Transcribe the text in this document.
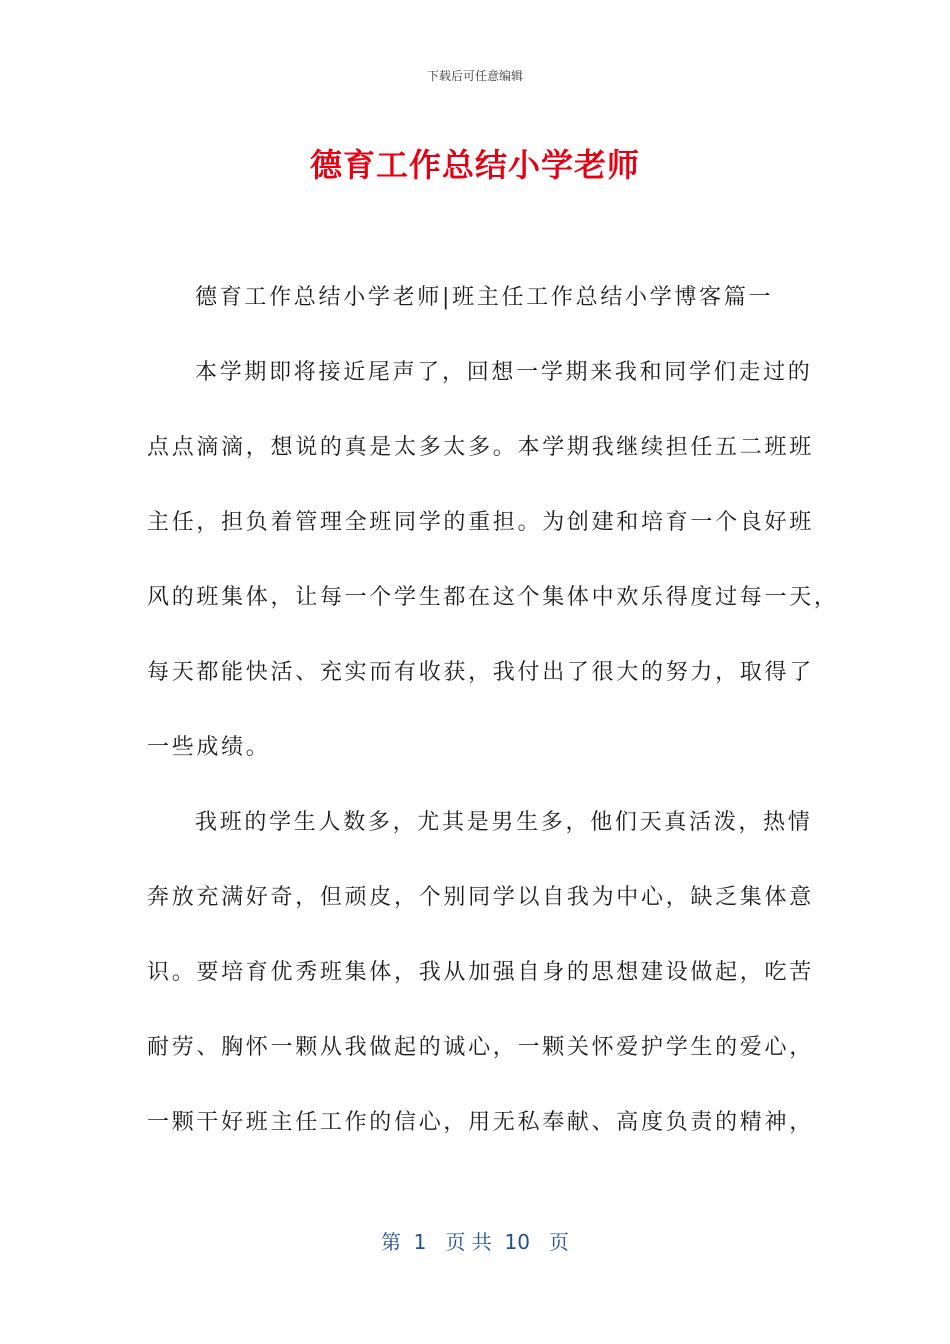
下载后可任意编辑
德育工作总结小学老师
德育工作总结小学老师|班主任工作总结小学博客篇一
本学期即将接近尾声了，回想一学期来我和同学们走过的
点点滴滴，想说的真是太多太多。本学期我继续担任五二班班
主任，担负着管理全班同学的重担。为创建和培育一个良好班
风的班集体，让每一个学生都在这个集体中欢乐得度过每一天，
每天都能快活、充实而有收获，我付出了很大的努力，取得了
一些成绩。
我班的学生人数多，尤其是男生多，他们天真活泼，热情
奔放充满好奇，但顽皮，个别同学以自我为中心，缺乏集体意
识。要培育优秀班集体，我从加强自身的思想建设做起，吃苦
耐劳、胸怀一颗从我做起的诚心，一颗关怀爱护学生的爱心，
一颗干好班主任工作的信心，用无私奉献、高度负责的精神，
第  1   页 共  10   页
